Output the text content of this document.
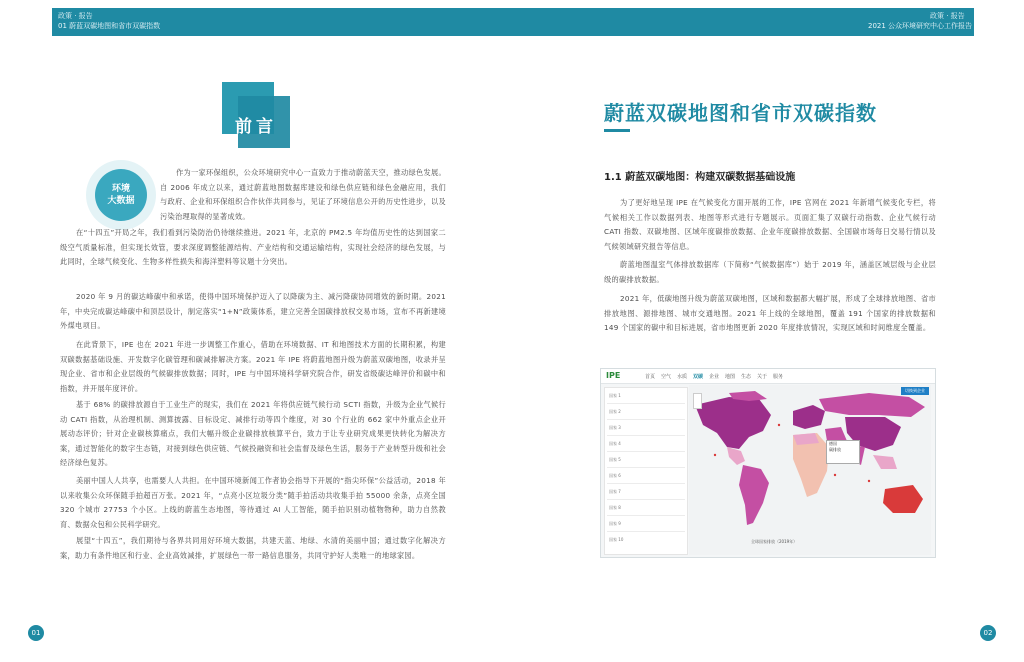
政策 · 报告
01 蔚蓝双碳地图和省市双碳指数
政策 · 报告
2021 公众环境研究中心工作报告
前言
环境
大数据
作为一家环保组织，公众环境研究中心一直致力于推动蔚蓝天空，推动绿色发展。自 2006 年成立以来，通过蔚蓝地图数据库建设和绿色供应链和绿色金融应用，我们与政府、企业和环保组织合作伙伴共同参与，见证了环境信息公开的历史性进步，以及污染治理取得的显著成效。
在“十四五”开局之年，我们看到污染防治仍待继续推进。2021 年，北京的 PM2.5 年均值历史性的达到国家二级空气质量标准，但实现长效管，要求深度调整能源结构、产业结构和交通运输结构，实现社会经济的绿色发展，与此同时，全球气候变化、生物多样性损失和海洋塑料等议题十分突出。
2020 年 9 月的碳达峰碳中和承诺，使得中国环境保护迈入了以降碳为主、减污降碳协同增效的新时期。2021 年，中央完成碳达峰碳中和顶层设计，制定落实“1+N”政策体系，建立完善全国碳排放权交易市场，宣布不再新建境外煤电项目。
在此背景下，IPE 也在 2021 年进一步调整工作重心，借助在环境数据、IT 和地图技术方面的长期积累，构建双碳数据基础设施、开发数字化碳管理和碳减排解决方案。2021 年 IPE 将蔚蓝地图升级为蔚蓝双碳地图，收录并呈现企业、省市和企业层级的气候碳排放数据；同时，IPE 与中国环境科学研究院合作，研发省级碳达峰评价和碳中和指数，并开展年度评价。
基于 68% 的碳排放源自于工业生产的现实，我们在 2021 年将供应链气候行动 SCTI 指数，升级为企业气候行动 CATI 指数，从治理机制、测算披露、目标设定、减排行动等四个维度，对 30 个行业的 662 家中外重点企业开展动态评价；针对企业碳核算痛点，我们大幅升级企业碳排放核算平台，致力于让专业研究成果更快转化为解决方案，通过智能化的数字生态链，对接到绿色供应链、气候投融资和社会监督及绿色生活，服务于产业转型升级和社会经济绿色复苏。
美丽中国人人共享，也需要人人共担。在中国环境新闻工作者协会指导下开展的“指尖环保”公益活动，2018 年以来收集公众环保随手拍超百万张。2021 年，“点亮小区垃圾分类”随手拍活动共收集手拍 55000 余条，点亮全国 320 个城市 27753 个小区。上线的蔚蓝生态地图，等待通过 AI 人工智能，随手拍识别动植物物种，助力自然教育、数据众包和公民科学研究。
展望“十四五”，我们期待与各界共同用好环境大数据，共建天蓝、地绿、水清的美丽中国；通过数字化解决方案，助力有条件地区和行业、企业高效减排，扩展绿色一带一路信息服务，共同守护好人类唯一的地球家园。
蔚蓝双碳地图和省市双碳指数
1.1 蔚蓝双碳地图：构建双碳数据基础设施
为了更好地呈现 IPE 在气候变化方面开展的工作，IPE 官网在 2021 年新增气候变化专栏，将气候相关工作以数据列表、地图等形式进行专题展示。页面汇集了双碳行动指数、企业气候行动 CATI 指数、双碳地图、区域年度碳排放数据、企业年度碳排放数据、全国碳市场每日交易行情以及气候领域研究报告等信息。
蔚蓝地图温室气体排放数据库（下简称“气候数据库”）始于 2019 年，涵盖区域层级与企业层级的碳排放数据。
2021 年，低碳地图升级为蔚蓝双碳地图，区域和数据都大幅扩展，形成了全球排放地图、省市排放地图、源排地图、城市交通地图。2021 年上线的全球地图，覆盖 191 个国家的排放数据和 149 个国家的碳中和目标进展，省市地图更新 2020 年度排放情况，实现区域和时间维度全覆盖。
IPE	首页 空气 水质 双碳 企业 地图 生态 关于 服务
国家 1
国家 2
国家 3
国家 4
国家 5
国家 6
国家 7
国家 8
国家 9
国家 10
切换到企业
德国
碳排放
全球国家排放（2019年）
01	02
